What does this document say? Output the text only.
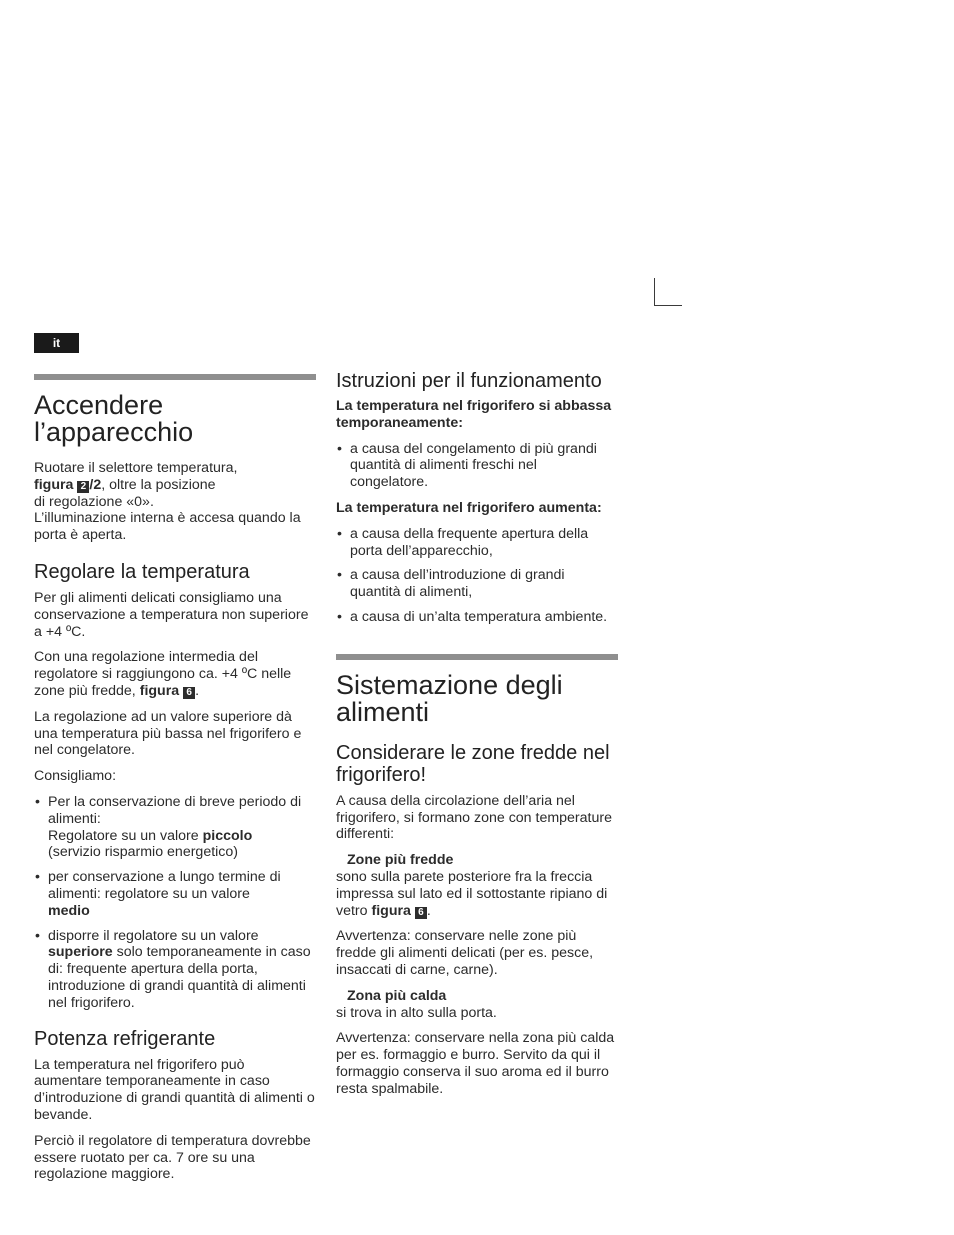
it
Accendere l’apparecchio

Ruotare il selettore temperatura,
figura 2 /2, oltre la posizione
di regolazione «0».
L’illuminazione interna è accesa quando la porta è aperta.

Regolare la temperatura

Per gli alimenti delicati consigliamo una conservazione a temperatura non superiore a +4 ºC.

Con una regolazione intermedia del regolatore si raggiungono ca. +4 ºC nelle zone più fredde, figura 6 .

La regolazione ad un valore superiore dà una temperatura più bassa nel frigorifero e nel congelatore.

Consigliamo:

• Per la conservazione di breve periodo di alimenti:
Regolatore su un valore piccolo
(servizio risparmio energetico)
• per conservazione a lungo termine di alimenti: regolatore su un valore
medio
• disporre il regolatore su un valore
superiore solo temporaneamente in caso di: frequente apertura della porta, introduzione di grandi quantità di alimenti nel frigorifero.
Potenza refrigerante

La temperatura nel frigorifero può aumentare temporaneamente in caso d’introduzione di grandi quantità di alimenti o bevande.

Perciò il regolatore di temperatura dovrebbe essere ruotato per ca. 7 ore su una regolazione maggiore.

Istruzioni per il funzionamento

La temperatura nel frigorifero si abbassa temporaneamente:

• a causa del congelamento di più grandi quantità di alimenti freschi nel congelatore.

La temperatura nel frigorifero aumenta:

• a causa della frequente apertura della porta dell’apparecchio,
• a causa dell’introduzione di grandi quantità di alimenti,
• a causa di un’alta temperatura ambiente.
Sistemazione degli alimenti
Considerare le zone fredde nel frigorifero!

A causa della circolazione dell’aria nel frigorifero, si formano zone con temperature differenti:

Zone più fredde
sono sulla parete posteriore fra la freccia impressa sul lato ed il sottostante ripiano di vetro figura 6 .

Avvertenza: conservare nelle zone più fredde gli alimenti delicati (per es. pesce, insaccati di carne, carne).

Zona più calda
si trova in alto sulla porta.

Avvertenza: conservare nella zona più calda per es. formaggio e burro. Servito da qui il formaggio conserva il suo aroma ed il burro resta spalmabile.
